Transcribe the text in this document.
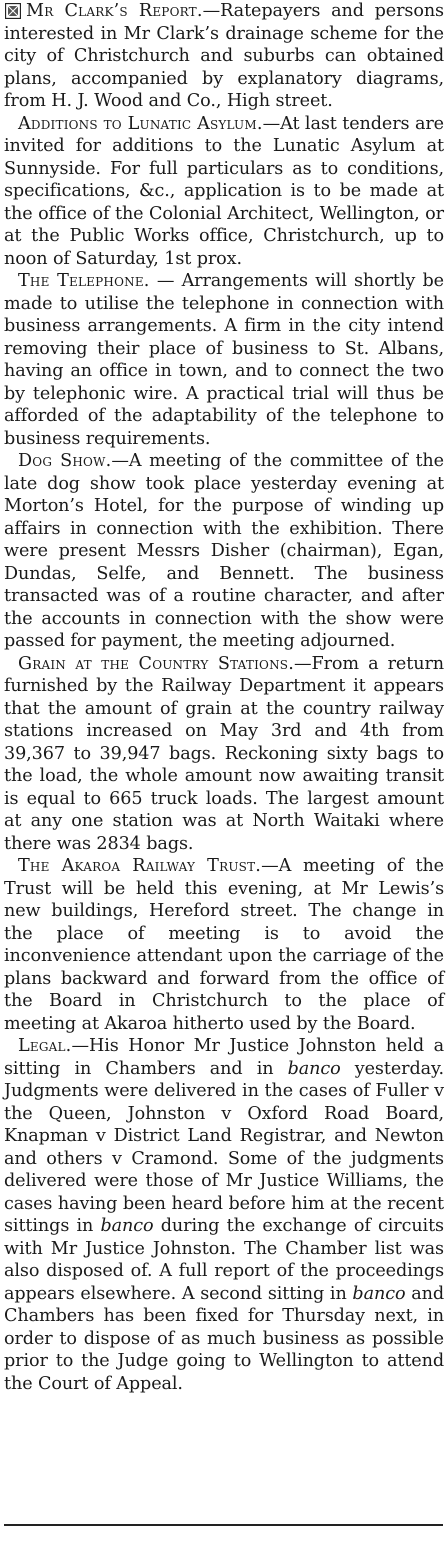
Mr Clark’s Report.—Ratepayers and persons interested in Mr Clark’s drainage scheme for the city of Christchurch and suburbs can obtained plans, accompanied by explanatory diagrams, from H. J. Wood and Co., High street.

Additions to Lunatic Asylum.—At last tenders are invited for additions to the Lunatic Asylum at Sunnyside. For full particulars as to conditions, specifications, &c., application is to be made at the office of the Colonial Architect, Wellington, or at the Public Works office, Christchurch, up to noon of Saturday, 1st prox.

The Telephone. — Arrangements will shortly be made to utilise the telephone in connection with business arrangements. A firm in the city intend removing their place of business to St. Albans, having an office in town, and to connect the two by telephonic wire. A practical trial will thus be afforded of the adaptability of the telephone to business requirements.

Dog Show.—A meeting of the committee of the late dog show took place yesterday evening at Morton’s Hotel, for the purpose of winding up affairs in connection with the exhibition. There were present Messrs Disher (chairman), Egan, Dundas, Selfe, and Bennett. The business transacted was of a routine character, and after the accounts in connection with the show were passed for payment, the meeting adjourned.

Grain at the Country Stations.—From a return furnished by the Railway Department it appears that the amount of grain at the country railway stations increased on May 3rd and 4th from 39,367 to 39,947 bags. Reckoning sixty bags to the load, the whole amount now awaiting transit is equal to 665 truck loads. The largest amount at any one station was at North Waitaki where there was 2834 bags.

The Akaroa Railway Trust.—A meeting of the Trust will be held this evening, at Mr Lewis’s new buildings, Hereford street. The change in the place of meeting is to avoid the inconvenience attendant upon the carriage of the plans backward and forward from the office of the Board in Christchurch to the place of meeting at Akaroa hitherto used by the Board.

Legal.—His Honor Mr Justice Johnston held a sitting in Chambers and in banco yesterday. Judgments were delivered in the cases of Fuller v the Queen, Johnston v Oxford Road Board, Knapman v District Land Registrar, and Newton and others v Cramond. Some of the judgments delivered were those of Mr Justice Williams, the cases having been heard before him at the recent sittings in banco during the exchange of circuits with Mr Justice Johnston. The Chamber list was also disposed of. A full report of the proceedings appears elsewhere. A second sitting in banco and Chambers has been fixed for Thursday next, in order to dispose of as much business as possible prior to the Judge going to Wellington to attend the Court of Appeal.
